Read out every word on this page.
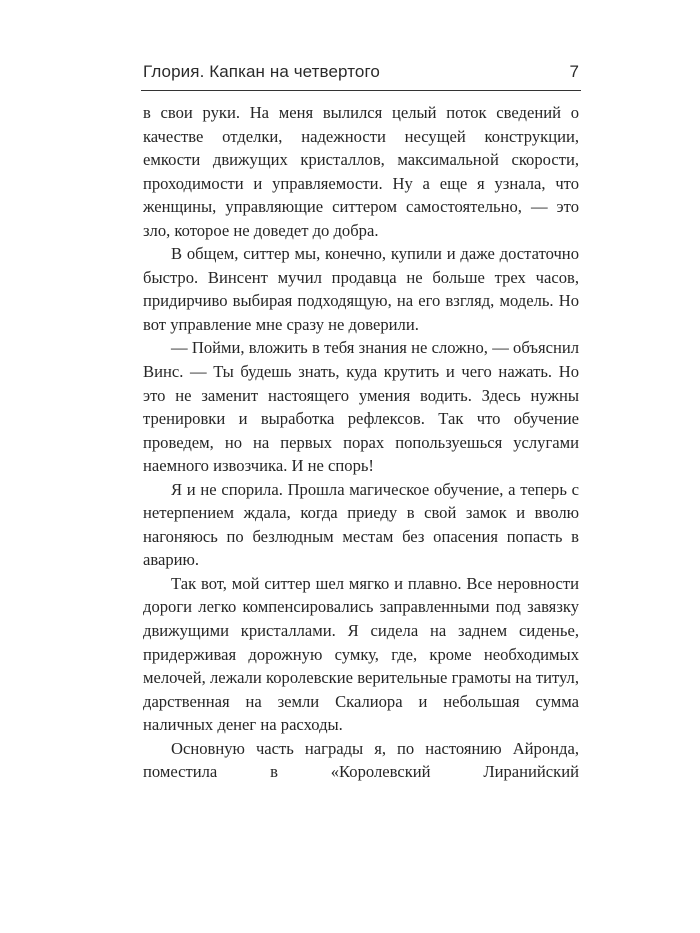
Глория. Капкан на четвертого	7

в свои руки. На меня вылился целый поток сведений о качестве отделки, надежности несущей конструкции, емкости движущих кристаллов, максимальной скорости, проходимости и управляемости. Ну а еще я узнала, что женщины, управляющие ситтером самостоятельно, — это зло, которое не доведет до добра.

В общем, ситтер мы, конечно, купили и даже достаточно быстро. Винсент мучил продавца не больше трех часов, придирчиво выбирая подходящую, на его взгляд, модель. Но вот управление мне сразу не доверили.

— Пойми, вложить в тебя знания не сложно, — объяснил Винс. — Ты будешь знать, куда крутить и чего нажать. Но это не заменит настоящего умения водить. Здесь нужны тренировки и выработка рефлексов. Так что обучение проведем, но на первых порах попользуешься услугами наемного извозчика. И не спорь!

Я и не спорила. Прошла магическое обучение, а теперь с нетерпением ждала, когда приеду в свой замок и вволю нагоняюсь по безлюдным местам без опасения попасть в аварию.

Так вот, мой ситтер шел мягко и плавно. Все неровности дороги легко компенсировались заправленными под завязку движущими кристаллами. Я сидела на заднем сиденье, придерживая дорожную сумку, где, кроме необходимых мелочей, лежали королевские верительные грамоты на титул, дарственная на земли Скалиора и небольшая сумма наличных денег на расходы.

Основную часть награды я, по настоянию Айронда, поместила в «Королевский Лиранийский
